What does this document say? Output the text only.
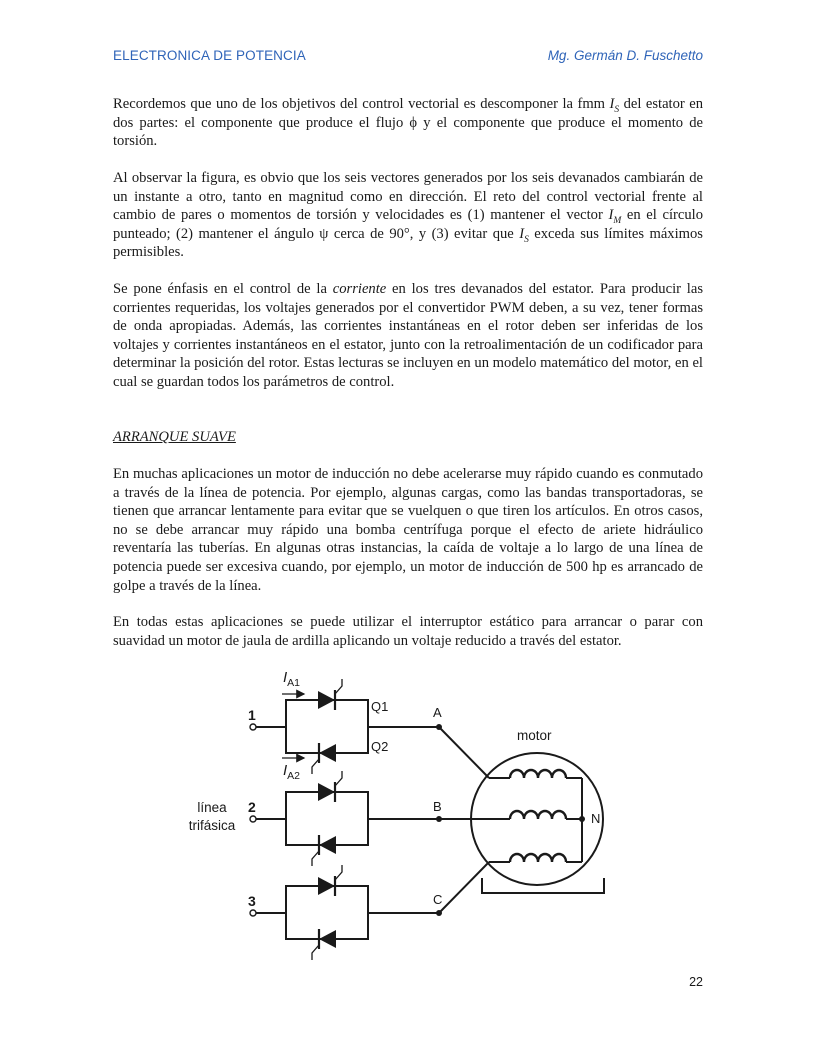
ELECTRONICA DE POTENCIA	Mg. Germán D. Fuschetto

Recordemos que uno de los objetivos del control vectorial es descomponer la fmm $I_S$ del estator en dos partes: el componente que produce el flujo ϕ y el componente que produce el momento de torsión.

Al observar la figura, es obvio que los seis vectores generados por los seis devanados cambiarán de un instante a otro, tanto en magnitud como en dirección. El reto del control vectorial frente al cambio de pares o momentos de torsión y velocidades es (1) mantener el vector $I_M$ en el círculo punteado; (2) mantener el ángulo ψ cerca de 90°, y (3) evitar que $I_S$ exceda sus límites máximos permisibles.

Se pone énfasis en el control de la corriente en los tres devanados del estator. Para producir las corrientes requeridas, los voltajes generados por el convertidor PWM deben, a su vez, tener formas de onda apropiadas. Además, las corrientes instantáneas en el rotor deben ser inferidas de los voltajes y corrientes instantáneos en el estator, junto con la retroalimentación de un codificador para determinar la posición del rotor. Estas lecturas se incluyen en un modelo matemático del motor, en el cual se guardan todos los parámetros de control.

ARRANQUE SUAVE

En muchas aplicaciones un motor de inducción no debe acelerarse muy rápido cuando es conmutado a través de la línea de potencia. Por ejemplo, algunas cargas, como las bandas transportadoras, se tienen que arrancar lentamente para evitar que se vuelquen o que tiren los artículos. En otros casos, no se debe arrancar muy rápido una bomba centrífuga porque el efecto de ariete hidráulico reventaría las tuberías. En algunas otras instancias, la caída de voltaje a lo largo de una línea de potencia puede ser excesiva cuando, por ejemplo, un motor de inducción de 500 hp es arrancado de golpe a través de la línea.

En todas estas aplicaciones se puede utilizar el interruptor estático para arrancar o parar con suavidad un motor de jaula de ardilla aplicando un voltaje reducido a través del estator.

$I_{A1}$
$I_{A2}$
Q1
Q2
1
2
3
A
B
C
motor
N
línea
trifásica
22
